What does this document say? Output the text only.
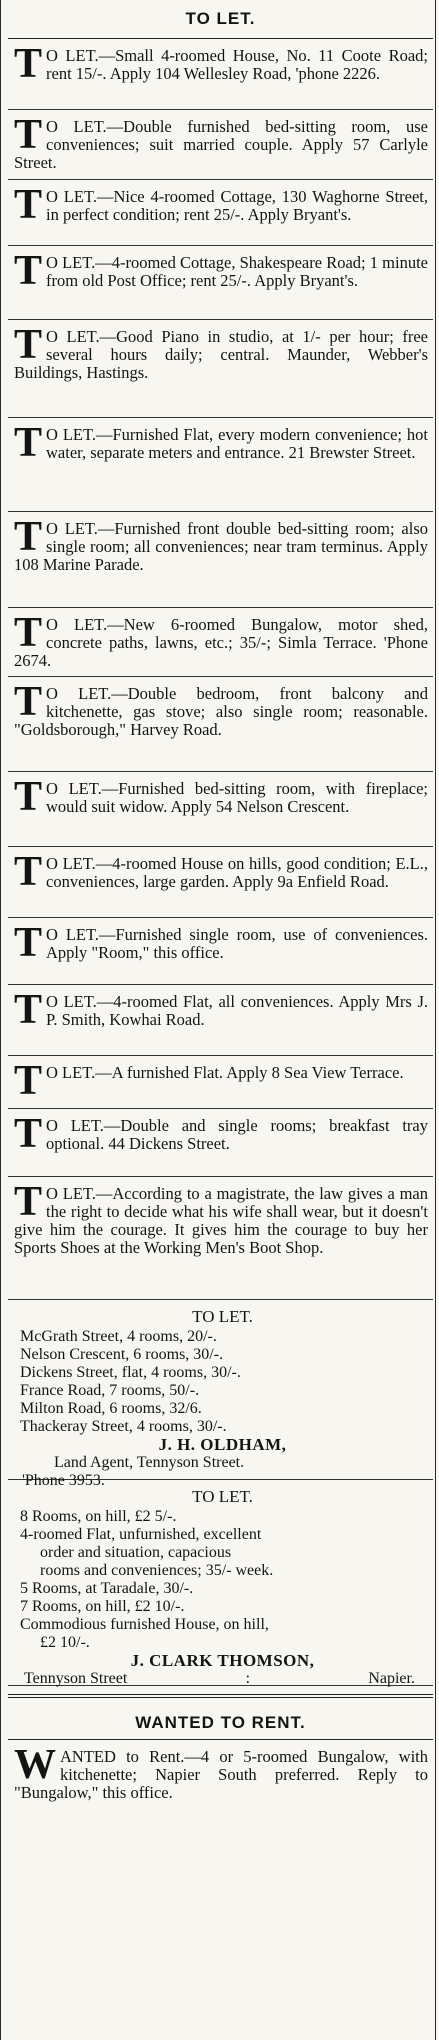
TO LET.
T O LET.—Small 4-roomed House, No. 11 Coote Road; rent 15/-. Apply 104 Wellesley Road, 'phone 2226.
T O LET.—Double furnished bed-sitting room, use conveniences; suit married couple. Apply 57 Carlyle Street.
T O LET.—Nice 4-roomed Cottage, 130 Waghorne Street, in perfect condition; rent 25/-. Apply Bryant's.
T O LET.—4-roomed Cottage, Shakespeare Road; 1 minute from old Post Office; rent 25/-. Apply Bryant's.
T O LET.—Good Piano in studio, at 1/- per hour; free several hours daily; central. Maunder, Webber's Buildings, Hastings.
T O LET.—Furnished Flat, every modern convenience; hot water, separate meters and entrance. 21 Brewster Street.
T O LET.—Furnished front double bed-sitting room; also single room; all conveniences; near tram terminus. Apply 108 Marine Parade.
T O LET.—New 6-roomed Bungalow, motor shed, concrete paths, lawns, etc.; 35/-; Simla Terrace. 'Phone 2674.
T O LET.—Double bedroom, front balcony and kitchenette, gas stove; also single room; reasonable. "Goldsborough," Harvey Road.
T O LET.—Furnished bed-sitting room, with fireplace; would suit widow. Apply 54 Nelson Crescent.
T O LET.—4-roomed House on hills, good condition; E.L., conveniences, large garden. Apply 9a Enfield Road.
T O LET.—Furnished single room, use of conveniences. Apply "Room," this office.
T O LET.—4-roomed Flat, all conveniences. Apply Mrs J. P. Smith, Kowhai Road.
T O LET.—A furnished Flat. Apply 8 Sea View Terrace.
T O LET.—Double and single rooms; breakfast tray optional. 44 Dickens Street.
T O LET.—According to a magistrate, the law gives a man the right to decide what his wife shall wear, but it doesn't give him the courage. It gives him the courage to buy her Sports Shoes at the Working Men's Boot Shop.
TO LET.
McGrath Street, 4 rooms, 20/-.
Nelson Crescent, 6 rooms, 30/-.
Dickens Street, flat, 4 rooms, 30/-.
France Road, 7 rooms, 50/-.
Milton Road, 6 rooms, 32/6.
Thackeray Street, 4 rooms, 30/-.
J. H. OLDHAM,
Land Agent, Tennyson Street.
'Phone 3953.
TO LET.
8 Rooms, on hill, £2 5/-.
4-roomed Flat, unfurnished, excellent
order and situation, capacious
rooms and conveniences; 35/- week.
5 Rooms, at Taradale, 30/-.
7 Rooms, on hill, £2 10/-.
Commodious furnished House, on hill,
£2 10/-.
J. CLARK THOMSON,
Tennyson Street	:	Napier.
WANTED TO RENT.
WANTED to Rent.—4 or 5-roomed Bungalow, with kitchenette; Napier South preferred. Reply to "Bungalow," this office.
